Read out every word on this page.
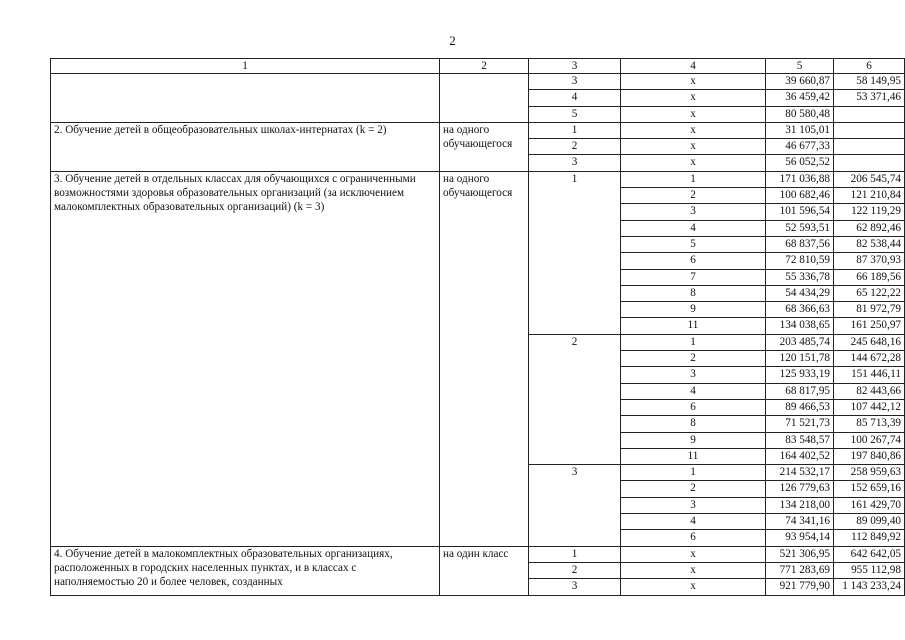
2
1	2	3	4	5	6
		3	х	39 660,87	58 149,95
		4	х	36 459,42	53 371,46
		5	х	80 580,48	
2. Обучение детей в общеобразовательных школах-интернатах (k = 2)	на одного обучающегося	1	х	31 105,01	
		2	х	46 677,33	
		3	х	56 052,52	
3. Обучение детей в отдельных классах для обучающихся с ограниченными возможностями здоровья образовательных организаций (за исключением малокомплектных образовательных организаций) (k = 3)	на одного обучающегося	1	1	171 036,88	206 545,74
			2	100 682,46	121 210,84
			3	101 596,54	122 119,29
			4	52 593,51	62 892,46
			5	68 837,56	82 538,44
			6	72 810,59	87 370,93
			7	55 336,78	66 189,56
			8	54 434,29	65 122,22
			9	68 366,63	81 972,79
			11	134 038,65	161 250,97
		2	1	203 485,74	245 648,16
			2	120 151,78	144 672,28
			3	125 933,19	151 446,11
			4	68 817,95	82 443,66
			6	89 466,53	107 442,12
			8	71 521,73	85 713,39
			9	83 548,57	100 267,74
			11	164 402,52	197 840,86
		3	1	214 532,17	258 959,63
			2	126 779,63	152 659,16
			3	134 218,00	161 429,70
			4	74 341,16	89 099,40
			6	93 954,14	112 849,92
4. Обучение детей в малокомплектных образовательных организациях, расположенных в городских населенных пунктах, и в классах с наполняемостью 20 и более человек, созданных	на один класс	1	х	521 306,95	642 642,05
		2	х	771 283,69	955 112,98
		3	х	921 779,90	1 143 233,24
